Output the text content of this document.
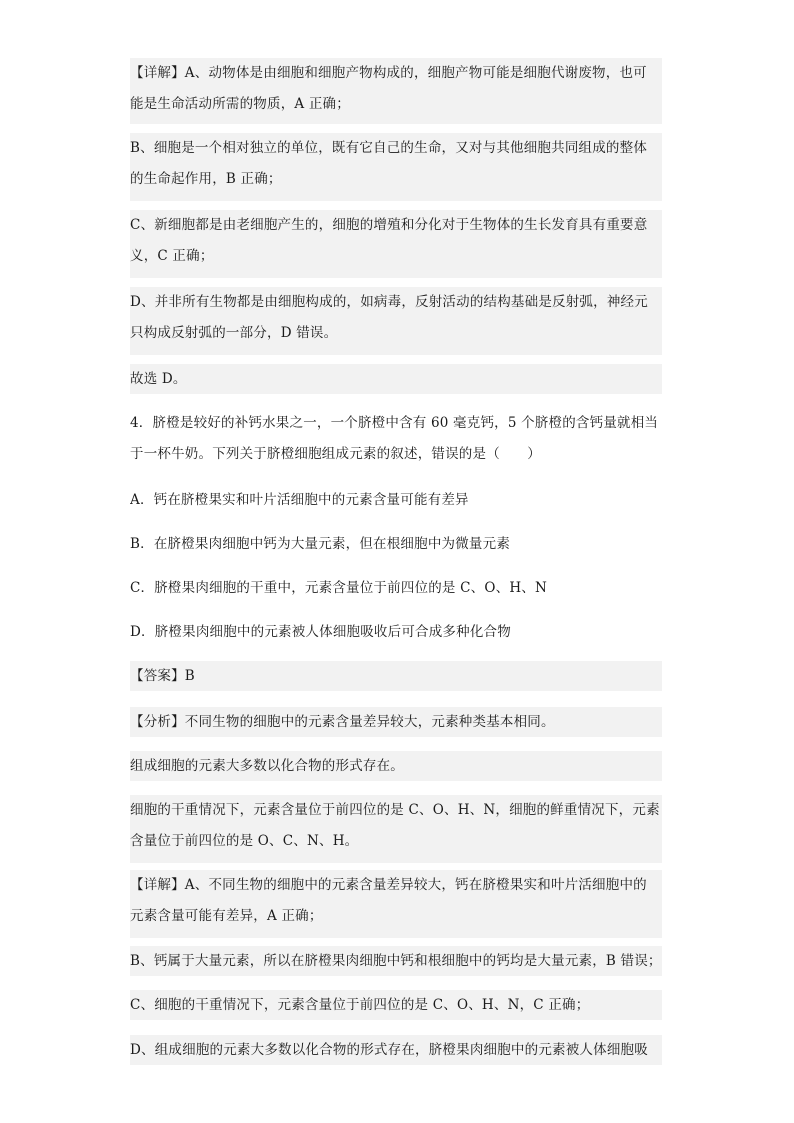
【详解】A、动物体是由细胞和细胞产物构成的，细胞产物可能是细胞代谢废物，也可
能是生命活动所需的物质，A 正确；
B、细胞是一个相对独立的单位，既有它自己的生命，又对与其他细胞共同组成的整体
的生命起作用，B 正确；
C、新细胞都是由老细胞产生的，细胞的增殖和分化对于生物体的生长发育具有重要意
义，C 正确；
D、并非所有生物都是由细胞构成的，如病毒，反射活动的结构基础是反射弧，神经元
只构成反射弧的一部分，D 错误。
故选 D。
4．脐橙是较好的补钙水果之一，一个脐橙中含有 60 毫克钙，5 个脐橙的含钙量就相当
于一杯牛奶。下列关于脐橙细胞组成元素的叙述，错误的是（　　）
A．钙在脐橙果实和叶片活细胞中的元素含量可能有差异
B．在脐橙果肉细胞中钙为大量元素，但在根细胞中为微量元素
C．脐橙果肉细胞的干重中，元素含量位于前四位的是 C、O、H、N
D．脐橙果肉细胞中的元素被人体细胞吸收后可合成多种化合物
【答案】B
【分析】不同生物的细胞中的元素含量差异较大，元素种类基本相同。
组成细胞的元素大多数以化合物的形式存在。
细胞的干重情况下，元素含量位于前四位的是 C、O、H、N，细胞的鲜重情况下，元素
含量位于前四位的是 O、C、N、H。
【详解】A、不同生物的细胞中的元素含量差异较大，钙在脐橙果实和叶片活细胞中的
元素含量可能有差异，A 正确；
B、钙属于大量元素，所以在脐橙果肉细胞中钙和根细胞中的钙均是大量元素，B 错误；
C、细胞的干重情况下，元素含量位于前四位的是 C、O、H、N，C 正确；
D、组成细胞的元素大多数以化合物的形式存在，脐橙果肉细胞中的元素被人体细胞吸
